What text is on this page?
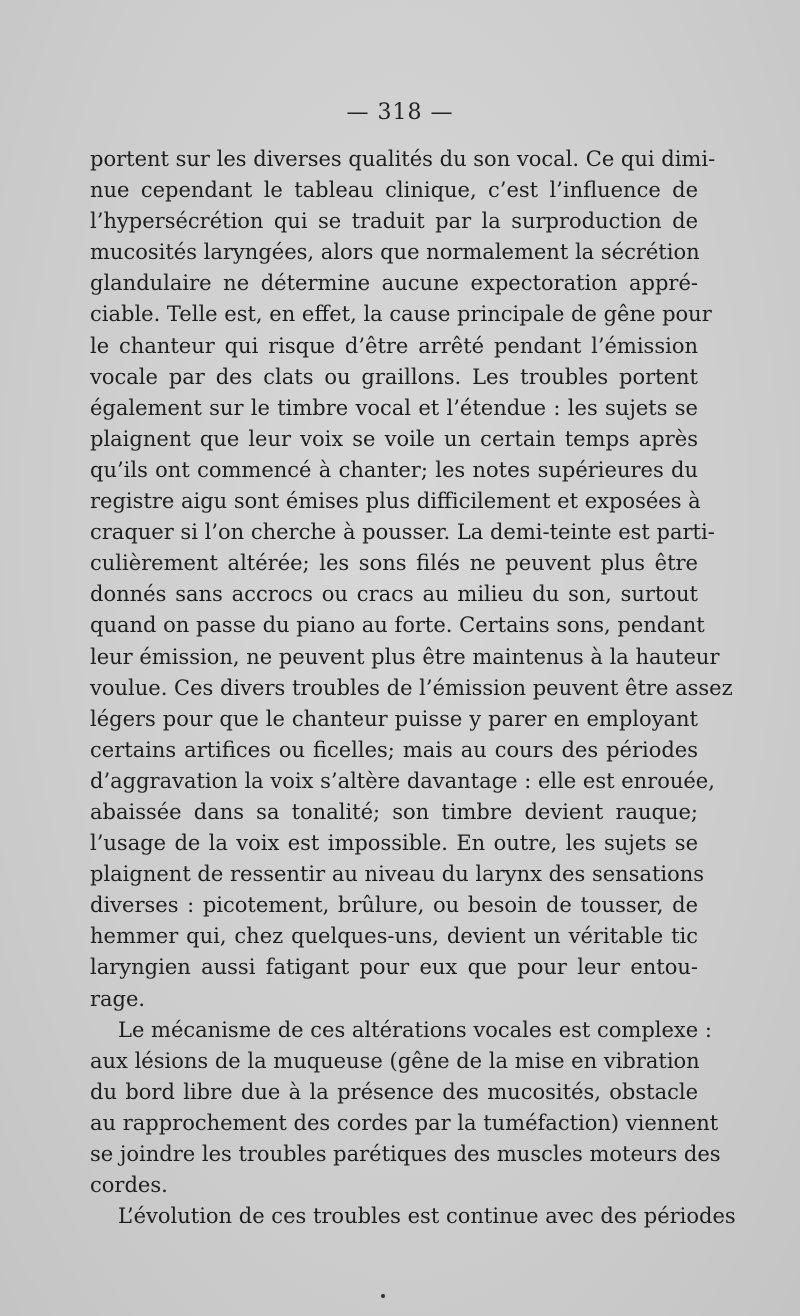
— 318 —
portent sur les diverses qualités du son vocal. Ce qui dimi-
nue cependant le tableau clinique, c’est l’influence de
l’hypersécrétion qui se traduit par la surproduction de
mucosités laryngées, alors que normalement la sécrétion
glandulaire ne détermine aucune expectoration appré-
ciable. Telle est, en effet, la cause principale de gêne pour
le chanteur qui risque d’être arrêté pendant l’émission
vocale par des clats ou graillons. Les troubles portent
également sur le timbre vocal et l’étendue : les sujets se
plaignent que leur voix se voile un certain temps après
qu’ils ont commencé à chanter; les notes supérieures du
registre aigu sont émises plus difficilement et exposées à
craquer si l’on cherche à pousser. La demi-teinte est parti-
culièrement altérée; les sons filés ne peuvent plus être
donnés sans accrocs ou cracs au milieu du son, surtout
quand on passe du piano au forte. Certains sons, pendant
leur émission, ne peuvent plus être maintenus à la hauteur
voulue. Ces divers troubles de l’émission peuvent être assez
légers pour que le chanteur puisse y parer en employant
certains artifices ou ficelles; mais au cours des périodes
d’aggravation la voix s’altère davantage : elle est enrouée,
abaissée dans sa tonalité; son timbre devient rauque;
l’usage de la voix est impossible. En outre, les sujets se
plaignent de ressentir au niveau du larynx des sensations
diverses : picotement, brûlure, ou besoin de tousser, de
hemmer qui, chez quelques-uns, devient un véritable tic
laryngien aussi fatigant pour eux que pour leur entou-
rage.
Le mécanisme de ces altérations vocales est complexe :
aux lésions de la muqueuse (gêne de la mise en vibration
du bord libre due à la présence des mucosités, obstacle
au rapprochement des cordes par la tuméfaction) viennent
se joindre les troubles parétiques des muscles moteurs des
cordes.
L’évolution de ces troubles est continue avec des périodes
